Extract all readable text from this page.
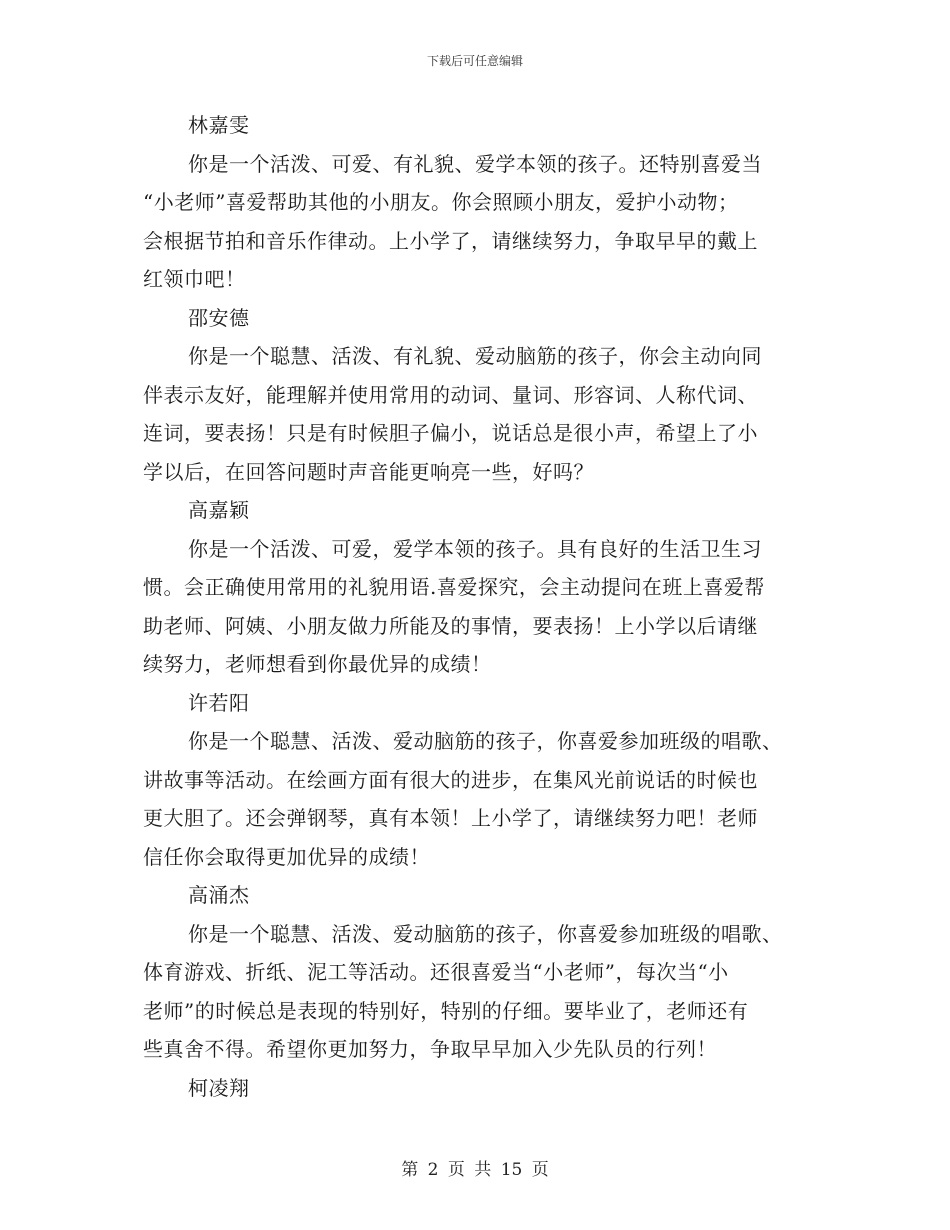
下载后可任意编辑
林嘉雯
你是一个活泼、可爱、有礼貌、爱学本领的孩子。还特别喜爱当
“小老师”喜爱帮助其他的小朋友。你会照顾小朋友，爱护小动物；
会根据节拍和音乐作律动。上小学了，请继续努力，争取早早的戴上
红领巾吧！
邵安德
你是一个聪慧、活泼、有礼貌、爱动脑筋的孩子，你会主动向同
伴表示友好，能理解并使用常用的动词、量词、形容词、人称代词、
连词，要表扬！只是有时候胆子偏小，说话总是很小声，希望上了小
学以后，在回答问题时声音能更响亮一些，好吗？
高嘉颖
你是一个活泼、可爱，爱学本领的孩子。具有良好的生活卫生习
惯。会正确使用常用的礼貌用语.喜爱探究，会主动提问在班上喜爱帮
助老师、阿姨、小朋友做力所能及的事情，要表扬！上小学以后请继
续努力，老师想看到你最优异的成绩！
许若阳
你是一个聪慧、活泼、爱动脑筋的孩子，你喜爱参加班级的唱歌、
讲故事等活动。在绘画方面有很大的进步，在集风光前说话的时候也
更大胆了。还会弹钢琴，真有本领！上小学了，请继续努力吧！老师
信任你会取得更加优异的成绩！
高涌杰
你是一个聪慧、活泼、爱动脑筋的孩子，你喜爱参加班级的唱歌、
体育游戏、折纸、泥工等活动。还很喜爱当“小老师”，每次当“小
老师”的时候总是表现的特别好，特别的仔细。要毕业了，老师还有
些真舍不得。希望你更加努力，争取早早加入少先队员的行列！
柯凌翔
第 2 页 共 15 页
